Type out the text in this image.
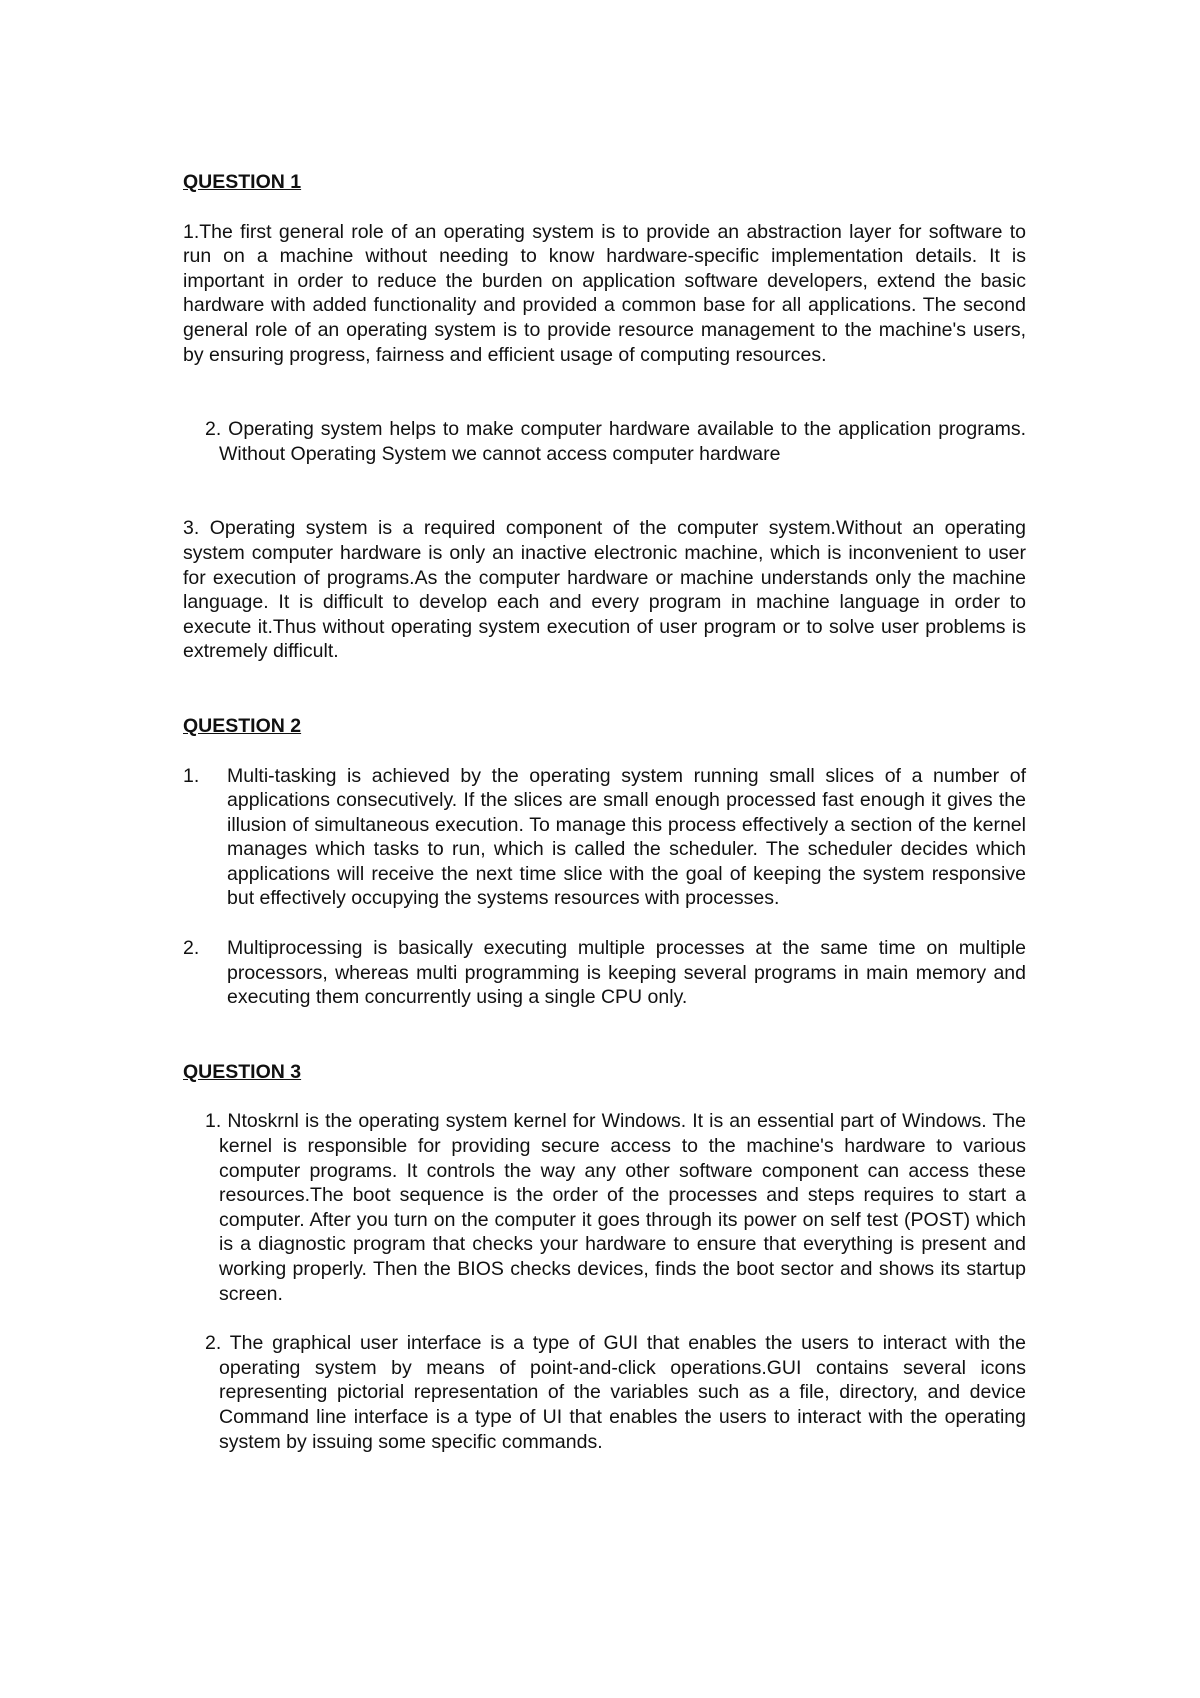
QUESTION 1

1.The first general role of an operating system is to provide an abstraction layer for software to run on a machine without needing to know hardware-specific implementation details. It is important in order to reduce the burden on application software developers, extend the basic hardware with added functionality and provided a common base for all applications. The second general role of an operating system is to provide resource management to the machine's users, by ensuring progress, fairness and efficient usage of computing resources.

2. Operating system helps to make computer hardware available to the application programs. Without Operating System we cannot access computer hardware

3. Operating system is a required component of the computer system.Without an operating system computer hardware is only an inactive electronic machine, which is inconvenient to user for execution of programs.As the computer hardware or machine understands only the machine language. It is difficult to develop each and every program in machine language in order to execute it.Thus without operating system execution of user program or to solve user problems is extremely difficult.

QUESTION 2

1. Multi-tasking is achieved by the operating system running small slices of a number of applications consecutively. If the slices are small enough processed fast enough it gives the illusion of simultaneous execution. To manage this process effectively a section of the kernel manages which tasks to run, which is called the scheduler. The scheduler decides which applications will receive the next time slice with the goal of keeping the system responsive but effectively occupying the systems resources with processes.
2. Multiprocessing is basically executing multiple processes at the same time on multiple processors, whereas multi programming is keeping several programs in main memory and executing them concurrently using a single CPU only.

QUESTION 3

1. Ntoskrnl is the operating system kernel for Windows. It is an essential part of Windows. The kernel is responsible for providing secure access to the machine's hardware to various computer programs. It controls the way any other software component can access these resources.The boot sequence is the order of the processes and steps requires to start a computer. After you turn on the computer it goes through its power on self test (POST) which is a diagnostic program that checks your hardware to ensure that everything is present and working properly. Then the BIOS checks devices, finds the boot sector and shows its startup screen.

2. The graphical user interface is a type of GUI that enables the users to interact with the operating system by means of point-and-click operations.GUI contains several icons representing pictorial representation of the variables such as a file, directory, and device Command line interface is a type of UI that enables the users to interact with the operating system by issuing some specific commands.
